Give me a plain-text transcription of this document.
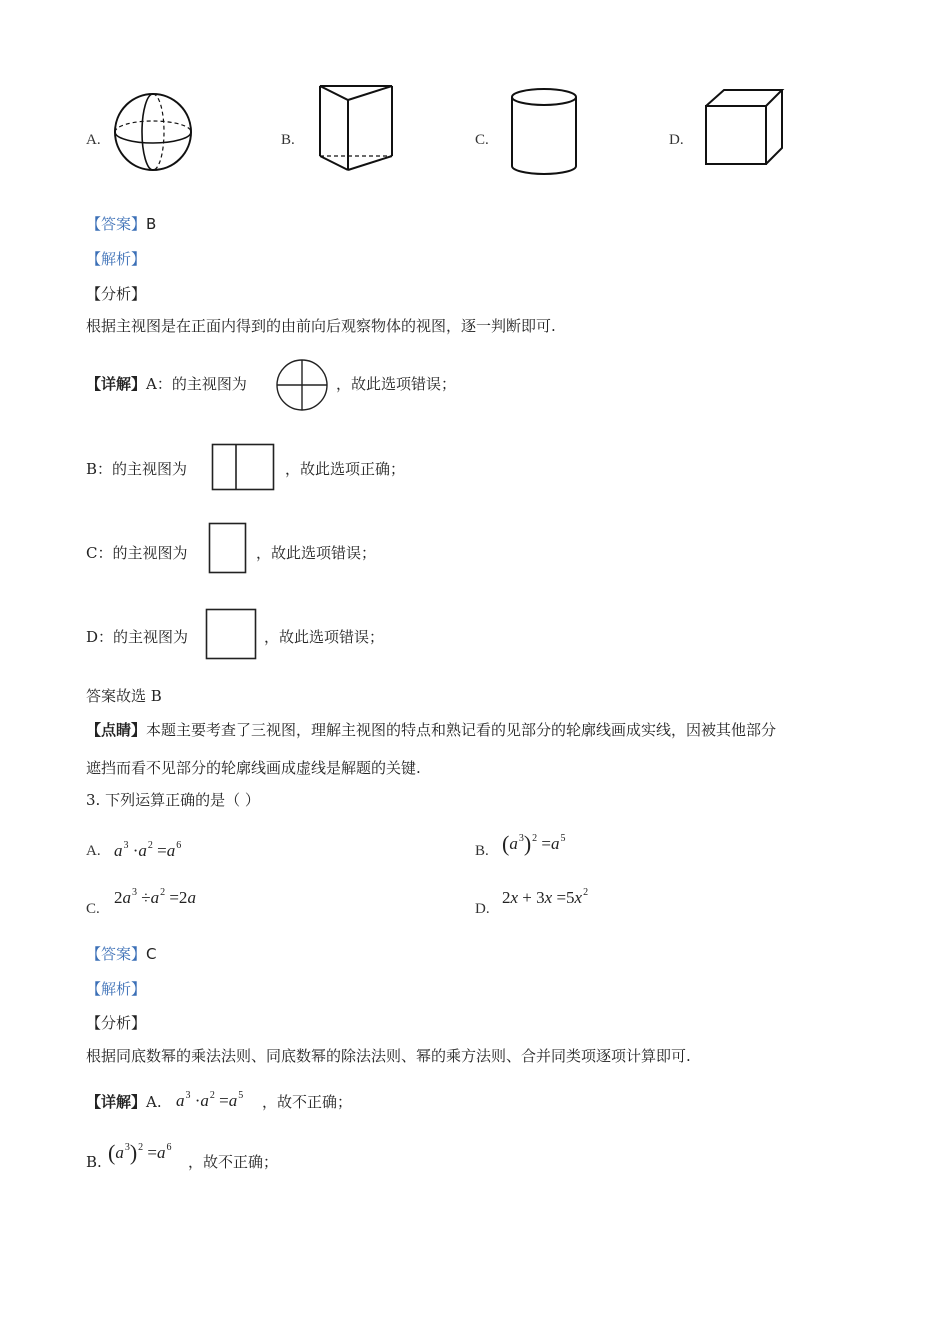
A.	B.	C.	D.
【答案】B
【解析】
【分析】
根据主视图是在正面内得到的由前向后观察物体的视图，逐一判断即可.
【详解】A：的主视图为	，故此选项错误；
B：的主视图为	，故此选项正确；
C：的主视图为	，故此选项错误；
D：的主视图为	，故此选项错误；
答案故选 B
【点睛】本题主要考查了三视图，理解主视图的特点和熟记看的见部分的轮廓线画成实线，因被其他部分
遮挡而看不见部分的轮廓线画成虚线是解题的关键.
3. 下列运算正确的是（ ）
A. $a^3 \cdot a^2 =a^6$	B. $(a^3)^2 =a^5$
C.
$2a^3 \div a^2 =2a$
D.
$2x + 3x =5x^2$
【答案】C
【解析】
【分析】
根据同底数幂的乘法法则、同底数幂的除法法则、幂的乘方法则、合并同类项逐项计算即可.
【详解】A. $a^3 \cdot a^2 =a^5$ ，故不正确；
B. $(a^3)^2 =a^6$
，故不正确；
